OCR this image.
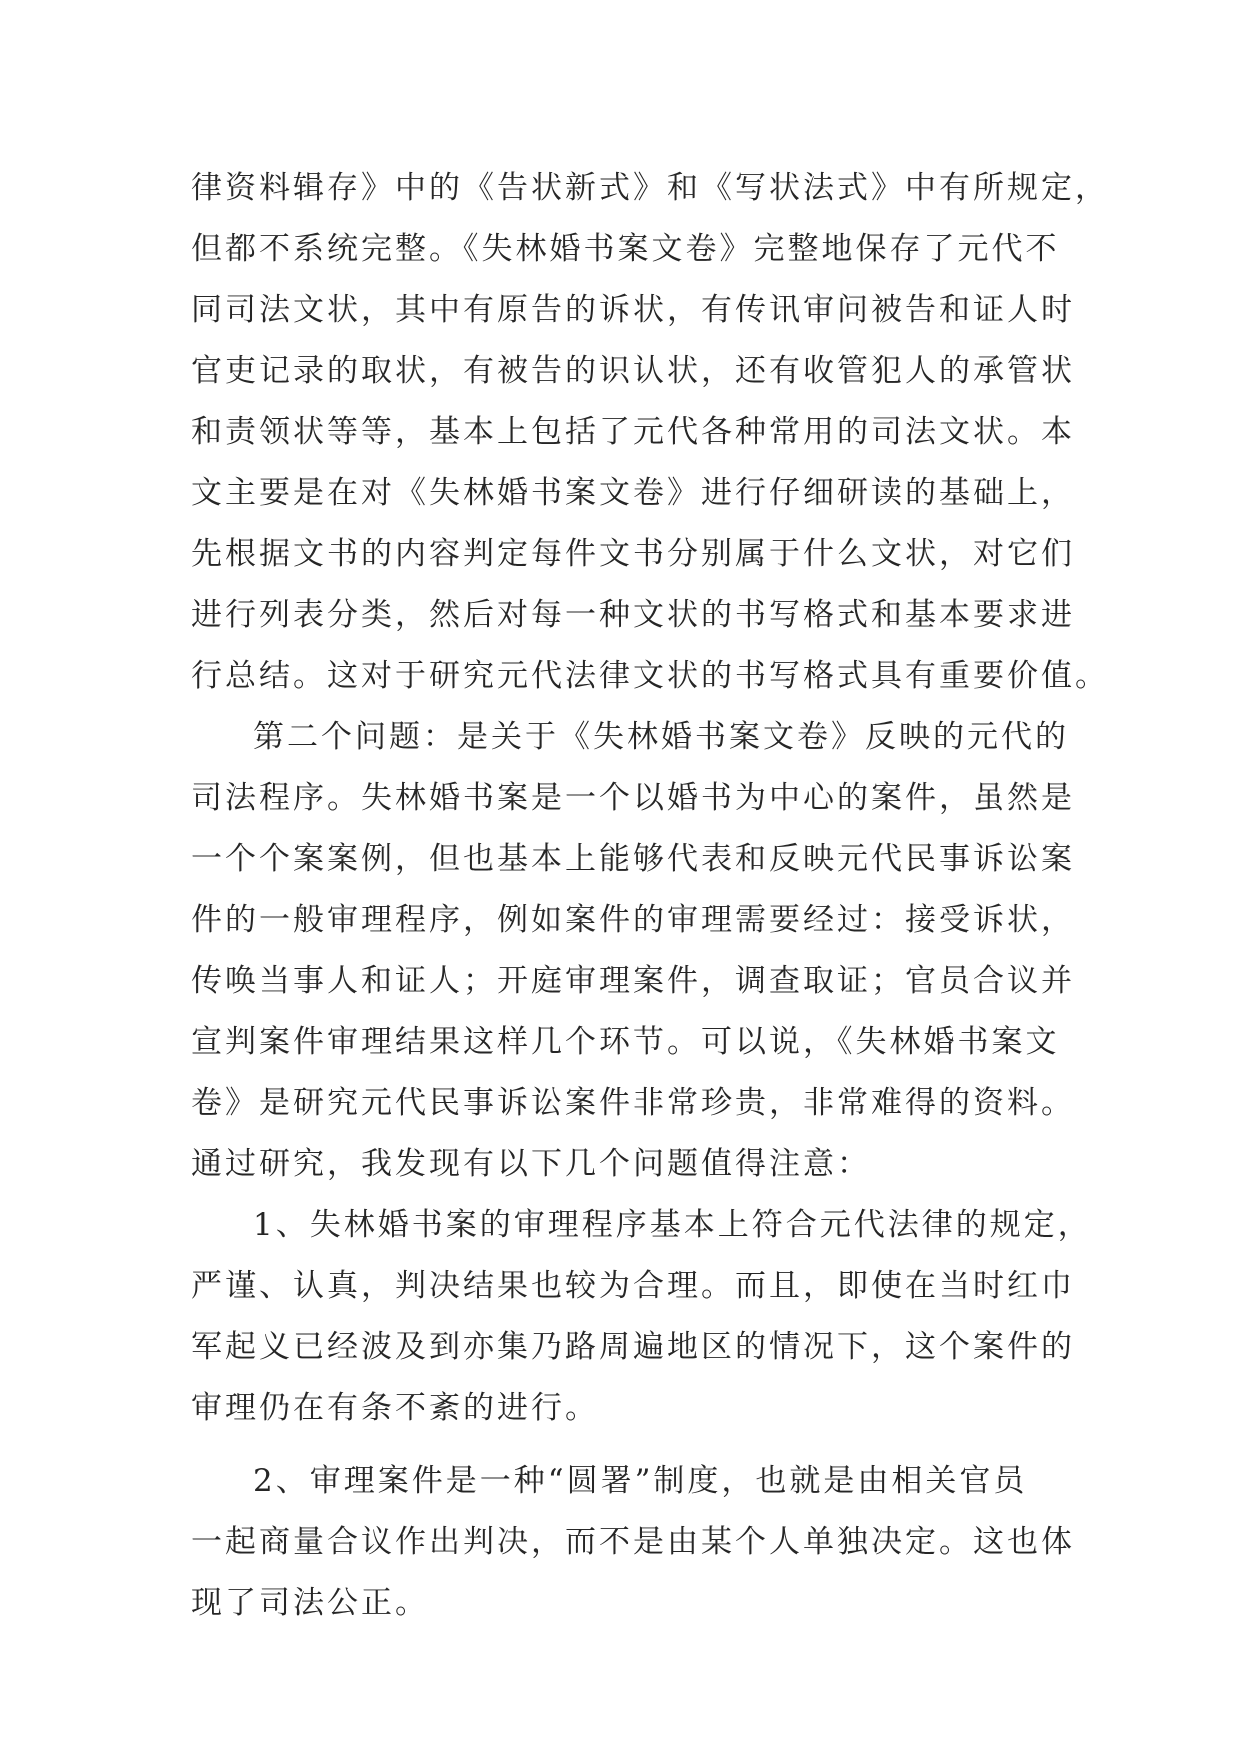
律资料辑存》中的《告状新式》和《写状法式》中有所规定，
但都不系统完整。《失林婚书案文卷》完整地保存了元代不
同司法文状，其中有原告的诉状，有传讯审问被告和证人时
官吏记录的取状，有被告的识认状，还有收管犯人的承管状
和责领状等等，基本上包括了元代各种常用的司法文状。本
文主要是在对《失林婚书案文卷》进行仔细研读的基础上，
先根据文书的内容判定每件文书分别属于什么文状，对它们
进行列表分类，然后对每一种文状的书写格式和基本要求进
行总结。这对于研究元代法律文状的书写格式具有重要价值。
第二个问题：是关于《失林婚书案文卷》反映的元代的
司法程序。失林婚书案是一个以婚书为中心的案件，虽然是
一个个案案例，但也基本上能够代表和反映元代民事诉讼案
件的一般审理程序，例如案件的审理需要经过：接受诉状，
传唤当事人和证人；开庭审理案件，调查取证；官员合议并
宣判案件审理结果这样几个环节。可以说，《失林婚书案文
卷》是研究元代民事诉讼案件非常珍贵，非常难得的资料。
通过研究，我发现有以下几个问题值得注意：
1、失林婚书案的审理程序基本上符合元代法律的规定，
严谨、认真，判决结果也较为合理。而且，即使在当时红巾
军起义已经波及到亦集乃路周遍地区的情况下，这个案件的
审理仍在有条不紊的进行。
2、审理案件是一种“圆署”制度，也就是由相关官员
一起商量合议作出判决，而不是由某个人单独决定。这也体
现了司法公正。
